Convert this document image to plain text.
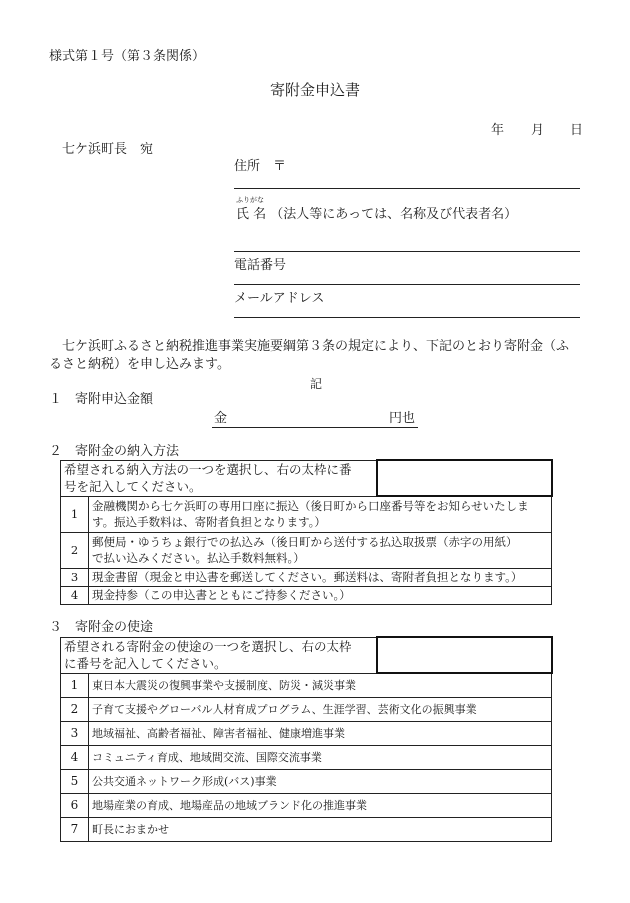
様式第１号（第３条関係）
寄附金申込書
年 月 日
七ケ浜町長　宛
住所　〒
ふりがな
氏 名 （法人等にあっては、名称及び代表者名）
電話番号
メールアドレス
七ケ浜町ふるさと納税推進事業実施要綱第３条の規定により、下記のとおり寄附金（ふ
るさと納税）を申し込みます。
記
１　寄附申込金額
金	円也
２　寄附金の納入方法
希望される納入方法の一つを選択し、右の太枠に番
号を記入してください。		

1	金融機関から七ケ浜町の専用口座に振込（後日町から口座番号等をお知らせいたしま
す。振込手数料は、寄附者負担となります。）	

2	郵便局・ゆうちょ銀行での払込み（後日町から送付する払込取扱票（赤字の用紙）
で払い込みください。払込手数料無料。）	

3	現金書留（現金と申込書を郵送してください。郵送料は、寄附者負担となります。）	
4	現金持参（この申込書とともにご持参ください。）	
３　寄附金の使途
希望される寄附金の使途の一つを選択し、右の太枠
に番号を記入してください。		

1	東日本大震災の復興事業や支援制度、防災・減災事業	
2	子育て支援やグローバル人材育成プログラム、生涯学習、芸術文化の振興事業	
3	地域福祉、高齢者福祉、障害者福祉、健康増進事業	
4	コミュニティ育成、地域間交流、国際交流事業	
5	公共交通ネットワーク形成(バス)事業	
6	地場産業の育成、地場産品の地域ブランド化の推進事業	
7	町長におまかせ	
